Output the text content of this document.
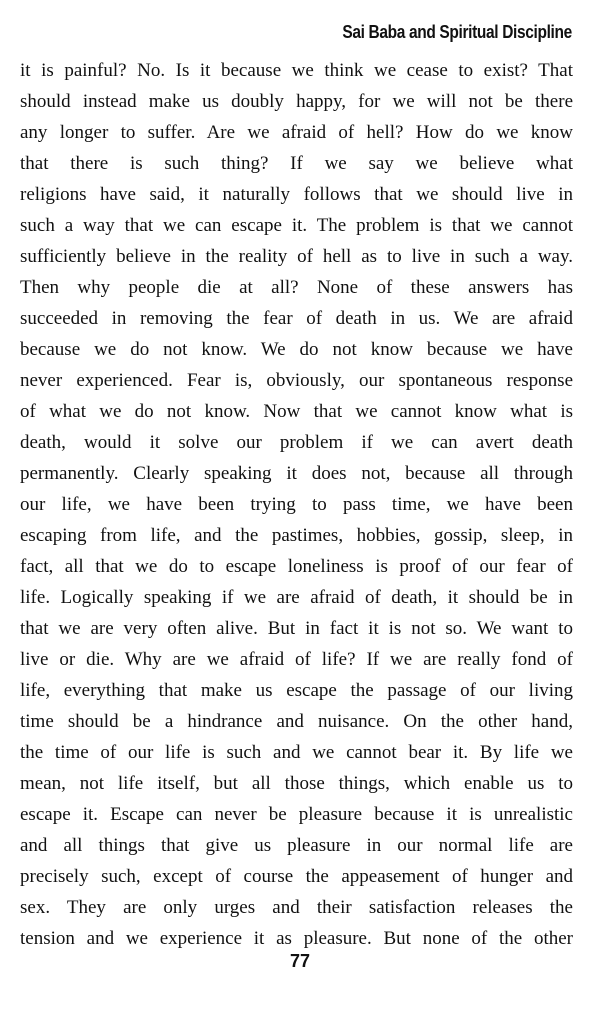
Sai Baba and Spiritual Discipline
it is painful? No. Is it because we think we cease to exist? That
should instead make us doubly happy, for we will not be there
any longer to suffer. Are we afraid of hell? How do we know
that there is such thing? If we say we believe what
religions have said, it naturally follows that we should live in
such a way that we can escape it. The problem is that we cannot
sufficiently believe in the reality of hell as to live in such a way.
Then why people die at all? None of these answers has
succeeded in removing the fear of death in us. We are afraid
because we do not know. We do not know because we have
never experienced. Fear is, obviously, our spontaneous response
of what we do not know. Now that we cannot know what is
death, would it solve our problem if we can avert death
permanently. Clearly speaking it does not, because all through
our life, we have been trying to pass time, we have been
escaping from life, and the pastimes, hobbies, gossip, sleep, in
fact, all that we do to escape loneliness is proof of our fear of
life. Logically speaking if we are afraid of death, it should be in
that we are very often alive. But in fact it is not so. We want to
live or die. Why are we afraid of life? If we are really fond of
life, everything that make us escape the passage of our living
time should be a hindrance and nuisance. On the other hand,
the time of our life is such and we cannot bear it. By life we
mean, not life itself, but all those things, which enable us to
escape it. Escape can never be pleasure because it is unrealistic
and all things that give us pleasure in our normal life are
precisely such, except of course the appeasement of hunger and
sex. They are only urges and their satisfaction releases the
tension and we experience it as pleasure. But none of the other
77
